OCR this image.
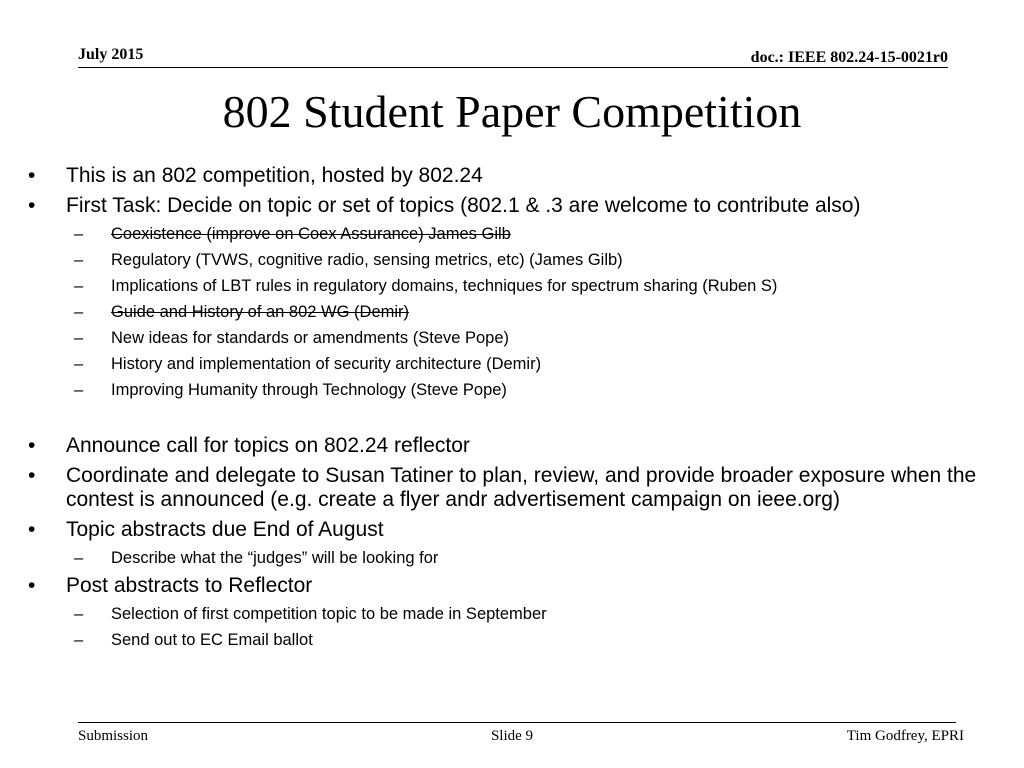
July 2015	doc.: IEEE 802.24-15-0021r0
802 Student Paper Competition
• This is an 802 competition, hosted by 802.24
• First Task: Decide on topic or set of topics (802.1 & .3 are welcome to contribute also)
– Coexistence (improve on Coex Assurance) James Gilb
– Regulatory (TVWS, cognitive radio, sensing metrics, etc) (James Gilb)
– Implications of LBT rules in regulatory domains, techniques for spectrum sharing (Ruben S)
– Guide and History of an 802 WG (Demir)
– New ideas for standards or amendments (Steve Pope)
– History and implementation of security architecture (Demir)
– Improving Humanity through Technology (Steve Pope)
• Announce call for topics on 802.24 reflector
• Coordinate and delegate to Susan Tatiner to plan, review, and provide broader exposure when the contest is announced (e.g. create a flyer andr advertisement campaign on ieee.org)
• Topic abstracts due End of August
– Describe what the “judges” will be looking for
• Post abstracts to Reflector
– Selection of first competition topic to be made in September
– Send out to EC Email ballot
Submission	Slide 9	Tim Godfrey, EPRI
